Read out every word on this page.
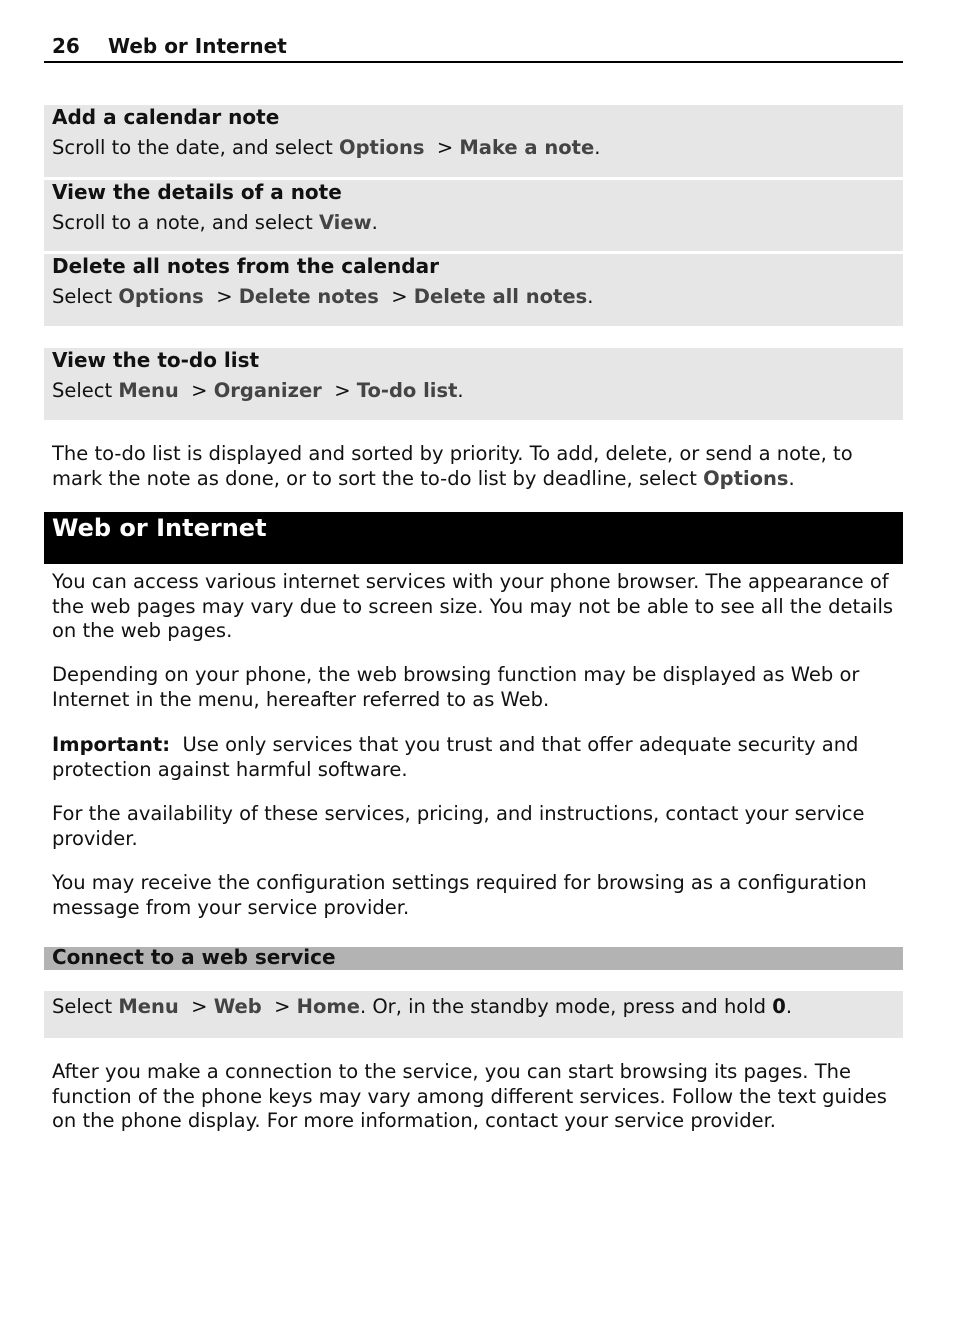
26	Web or Internet
Add a calendar note
Scroll to the date, and select Options > Make a note.
View the details of a note
Scroll to a note, and select View.
Delete all notes from the calendar
Select Options > Delete notes > Delete all notes.
View the to-do list
Select Menu > Organizer > To-do list.
The to-do list is displayed and sorted by priority. To add, delete, or send a note, to mark the note as done, or to sort the to-do list by deadline, select Options.
Web or Internet
You can access various internet services with your phone browser. The appearance of the web pages may vary due to screen size. You may not be able to see all the details on the web pages.
Depending on your phone, the web browsing function may be displayed as Web or Internet in the menu, hereafter referred to as Web.
Important: Use only services that you trust and that offer adequate security and protection against harmful software.
For the availability of these services, pricing, and instructions, contact your service provider.
You may receive the configuration settings required for browsing as a configuration message from your service provider.
Connect to a web service
Select Menu > Web > Home. Or, in the standby mode, press and hold 0.
After you make a connection to the service, you can start browsing its pages. The function of the phone keys may vary among different services. Follow the text guides on the phone display. For more information, contact your service provider.
